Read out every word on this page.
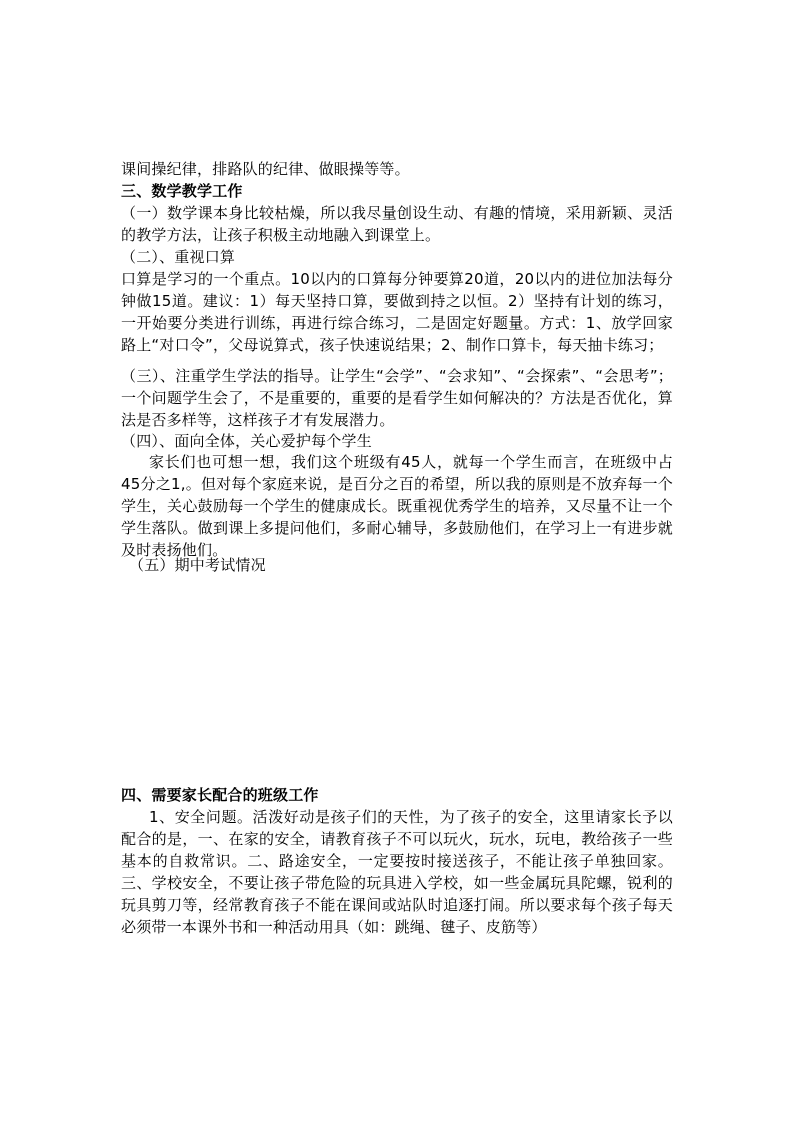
课间操纪律，排路队的纪律、做眼操等等。
三、数学教学工作
（一）数学课本身比较枯燥，所以我尽量创设生动、有趣的情境，采用新颖、灵活的教学方法，让孩子积极主动地融入到课堂上。
（二）、重视口算
口算是学习的一个重点。10以内的口算每分钟要算20道，20以内的进位加法每分钟做15道。建议：1）每天坚持口算，要做到持之以恒。2）坚持有计划的练习，一开始要分类进行训练，再进行综合练习，二是固定好题量。方式：1、放学回家路上“对口令”，父母说算式，孩子快速说结果；2、制作口算卡，每天抽卡练习；
（三）、注重学生学法的指导。让学生“会学”、“会求知”、“会探索”、“会思考”；一个问题学生会了，不是重要的，重要的是看学生如何解决的？方法是否优化，算法是否多样等，这样孩子才有发展潜力。
（四）、面向全体，关心爱护每个学生
家长们也可想一想，我们这个班级有45人，就每一个学生而言，在班级中占45分之1,。但对每个家庭来说，是百分之百的希望，所以我的原则是不放弃每一个学生，关心鼓励每一个学生的健康成长。既重视优秀学生的培养，又尽量不让一个学生落队。做到课上多提问他们，多耐心辅导，多鼓励他们，在学习上一有进步就及时表扬他们。
（五）期中考试情况
四、需要家长配合的班级工作
1、安全问题。活泼好动是孩子们的天性，为了孩子的安全，这里请家长予以配合的是，一、在家的安全，请教育孩子不可以玩火，玩水，玩电，教给孩子一些基本的自救常识。二、路途安全，一定要按时接送孩子，不能让孩子单独回家。三、学校安全，不要让孩子带危险的玩具进入学校，如一些金属玩具陀螺，锐利的玩具剪刀等，经常教育孩子不能在课间或站队时追逐打闹。所以要求每个孩子每天必须带一本课外书和一种活动用具（如：跳绳、毽子、皮筋等）
